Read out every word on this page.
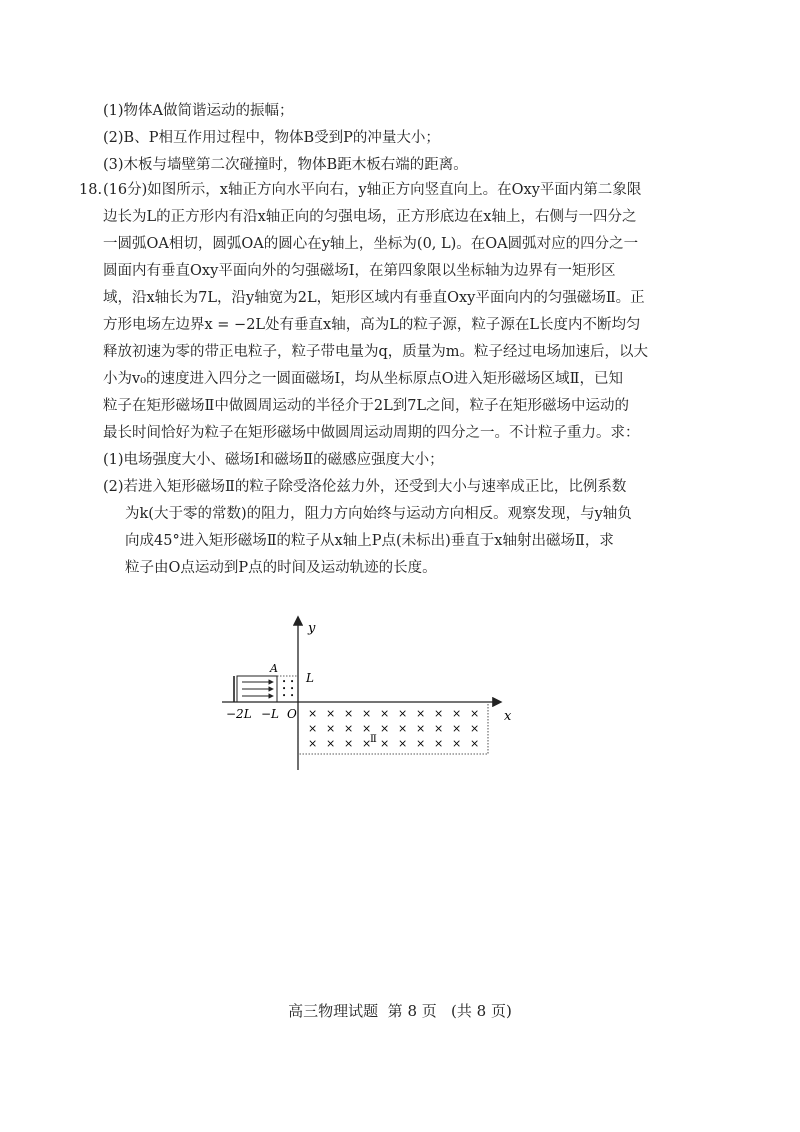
(1)物体A做简谐运动的振幅；
(2)B、P相互作用过程中，物体B受到P的冲量大小；
(3)木板与墙壁第二次碰撞时，物体B距木板右端的距离。
18. (16分)如图所示，x轴正方向水平向右，y轴正方向竖直向上。在Oxy平面内第二象限
边长为L的正方形内有沿x轴正向的匀强电场，正方形底边在x轴上，右侧与一四分之
一圆弧OA相切，圆弧OA的圆心在y轴上，坐标为(0, L)。在OA圆弧对应的四分之一
圆面内有垂直Oxy平面向外的匀强磁场Ⅰ，在第四象限以坐标轴为边界有一矩形区
域，沿x轴长为7L，沿y轴宽为2L，矩形区域内有垂直Oxy平面向内的匀强磁场Ⅱ。正
方形电场左边界x = −2L处有垂直x轴，高为L的粒子源，粒子源在L长度内不断均匀
释放初速为零的带正电粒子，粒子带电量为q，质量为m。粒子经过电场加速后，以大
小为v₀的速度进入四分之一圆面磁场Ⅰ，均从坐标原点O进入矩形磁场区域Ⅱ，已知
粒子在矩形磁场Ⅱ中做圆周运动的半径介于2L到7L之间，粒子在矩形磁场中运动的
最长时间恰好为粒子在矩形磁场中做圆周运动周期的四分之一。不计粒子重力。求：
(1)电场强度大小、磁场Ⅰ和磁场Ⅱ的磁感应强度大小；
(2)若进入矩形磁场Ⅱ的粒子除受洛伦兹力外，还受到大小与速率成正比，比例系数
为k(大于零的常数)的阻力，阻力方向始终与运动方向相反。观察发现，与y轴负
向成45°进入矩形磁场Ⅱ的粒子从x轴上P点(未标出)垂直于x轴射出磁场Ⅱ，求
粒子由O点运动到P点的时间及运动轨迹的长度。
y
x
A
L
O
−2L −L
Ⅱ
• •
• •
• •
× × × × × × × × × ×
× × × × × × × × × ×
× × × × × × × × × ×
高三物理试题  第 8 页   (共 8 页)
